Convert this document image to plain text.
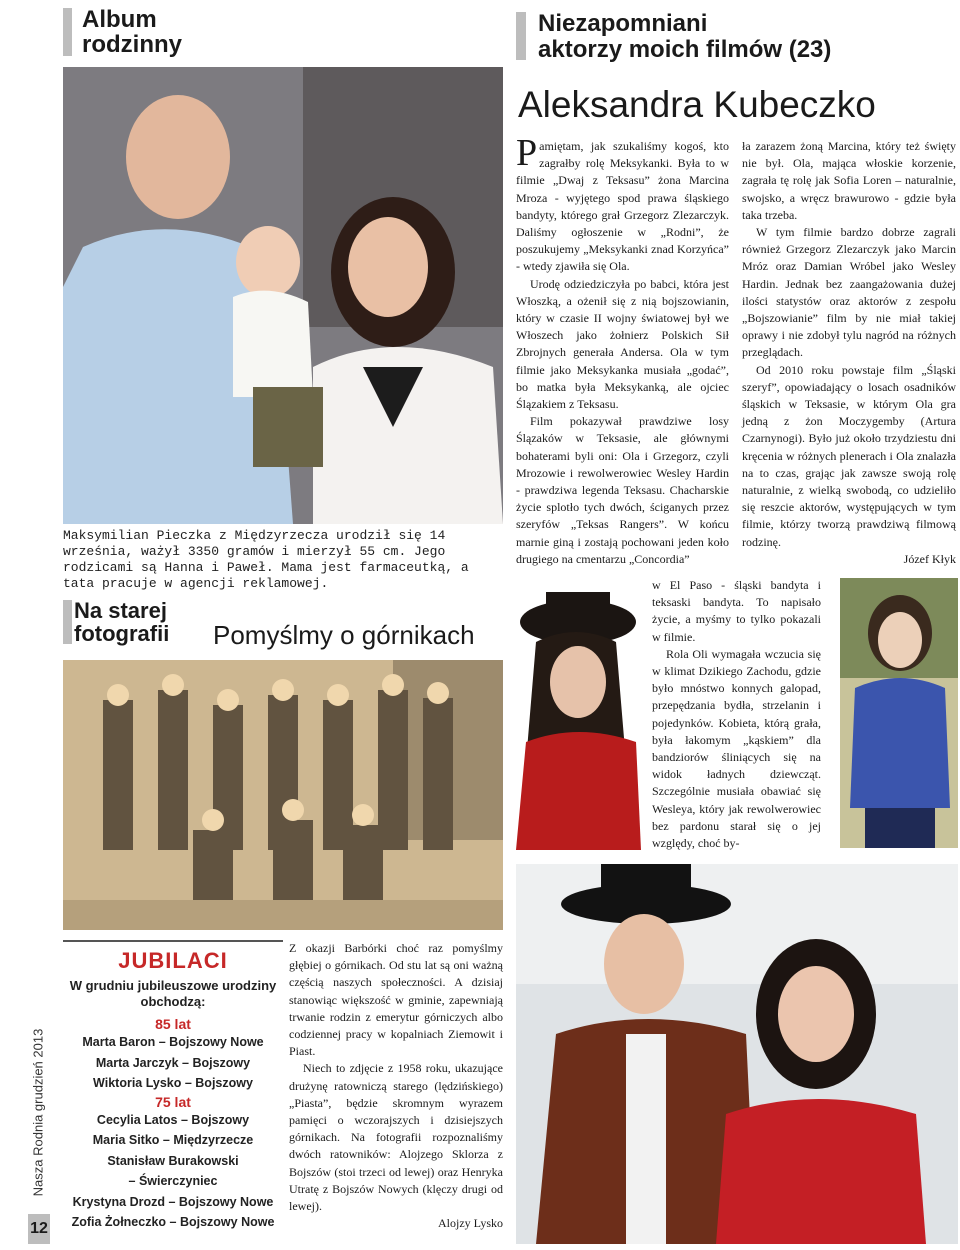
Album
rodzinny
Maksymilian Pieczka z Międzyrzecza urodził się 14 września, ważył 3350 gramów i mierzył 55 cm. Jego rodzicami są Hanna i Paweł. Mama jest farmaceutką, a tata pracuje w agencji reklamowej.
Na starej
fotografii Pomyślmy o górnikach
JUBILACI
W grudniu jubileuszowe urodziny obchodzą:
85 lat
Marta Baron – Bojszowy Nowe
Marta Jarczyk – Bojszowy
Wiktoria Lysko – Bojszowy
75 lat
Cecylia Latos – Bojszowy
Maria Sitko – Międzyrzecze
Stanisław Burakowski
– Świerczyniec
Krystyna Drozd – Bojszowy Nowe
Zofia Żołneczko – Bojszowy Nowe

Z okazji Barbórki choć raz pomyślmy głębiej o górnikach. Od stu lat są oni ważną częścią naszych społeczności. A dzisiaj stanowiąc większość w gminie, zapewniają trwanie rodzin z emerytur górniczych albo codziennej pracy w kopalniach Ziemowit i Piast.

Niech to zdjęcie z 1958 roku, ukazujące drużynę ratowniczą starego (lędzińskiego) „Piasta”, będzie skromnym wyrazem pamięci o wczorajszych i dzisiejszych górnikach. Na fotografii rozpoznaliśmy dwóch ratowników: Alojzego Sklorza z Bojszów (stoi trzeci od lewej) oraz Henryka Utratę z Bojszów Nowych (klęczy drugi od lewej).

Alojzy Lysko
Nasza Rodnia grudzień 2013
12
Niezapomniani
aktorzy moich filmów (23)
Aleksandra Kubeczko

Pamiętam, jak szukaliśmy kogoś, kto zagrałby rolę Meksykanki. Była to w filmie „Dwaj z Teksasu” żona Marcina Mroza - wyjętego spod prawa śląskiego bandyty, którego grał Grzegorz Zlezarczyk. Daliśmy ogłoszenie w „Rodni”, że poszukujemy „Meksykanki znad Korzyńca” - wtedy zjawiła się Ola.

Urodę odziedziczyła po babci, która jest Włoszką, a ożenił się z nią bojszowianin, który w czasie II wojny światowej był we Włoszech jako żołnierz Polskich Sił Zbrojnych generała Andersa. Ola w tym filmie jako Meksykanka musiała „godać”, bo matka była Meksykanką, ale ojciec Ślązakiem z Teksasu.

Film pokazywał prawdziwe losy Ślązaków w Teksasie, ale głównymi bohaterami byli oni: Ola i Grzegorz, czyli Mrozowie i rewolwerowiec Wesley Hardin - prawdziwa legenda Teksasu. Chacharskie życie splotło tych dwóch, ściganych przez szeryfów „Teksas Rangers”. W końcu marnie giną i zostają pochowani jeden koło drugiego na cmentarzu „Concordia”

w El Paso - śląski bandyta i teksaski bandyta. To napisało życie, a myśmy to tylko pokazali w filmie.

Rola Oli wymagała wczucia się w klimat Dzikiego Zachodu, gdzie było mnóstwo konnych galopad, przepędzania bydła, strzelanin i pojedynków. Kobieta, którą grała, była łakomym „kąskiem” dla bandziorów śliniących się na widok ładnych dziewcząt. Szczególnie musiała obawiać się Wesleya, który jak rewolwerowiec bez pardonu starał się o jej względy, choć by-

ła zarazem żoną Marcina, który też święty nie był. Ola, mająca włoskie korzenie, zagrała tę rolę jak Sofia Loren – naturalnie, swojsko, a wręcz brawurowo - gdzie była taka trzeba.

W tym filmie bardzo dobrze zagrali również Grzegorz Zlezarczyk jako Marcin Mróz oraz Damian Wróbel jako Wesley Hardin. Jednak bez zaangażowania dużej ilości statystów oraz aktorów z zespołu „Bojszowianie” film by nie miał takiej oprawy i nie zdobył tylu nagród na różnych przeglądach.

Od 2010 roku powstaje film „Śląski szeryf”, opowiadający o losach osadników śląskich w Teksasie, w którym Ola gra jedną z żon Moczygemby (Artura Czarnynogi). Było już około trzydziestu dni kręcenia w różnych plenerach i Ola znalazła na to czas, grając jak zawsze swoją rolę naturalnie, z wielką swobodą, co udzieliło się reszcie aktorów, występujących w tym filmie, którzy tworzą prawdziwą filmową rodzinę.

Józef Kłyk
